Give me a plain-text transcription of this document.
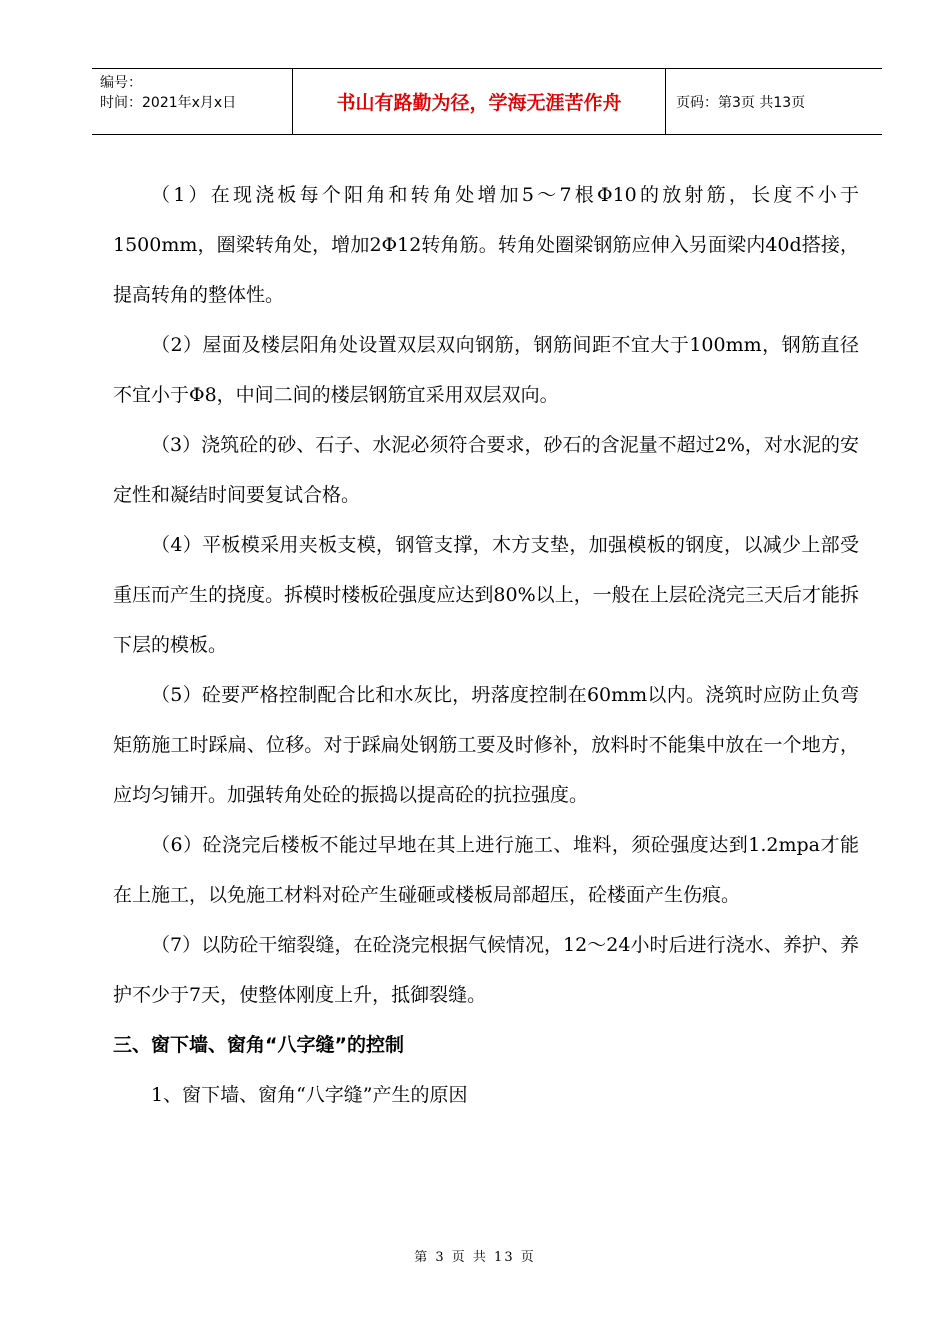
编号：
时间：2021年x月x日	书山有路勤为径，学海无涯苦作舟	页码：第3页 共13页

（1）在现浇板每个阳角和转角处增加5～7根Φ10的放射筋，长度不小于1500mm，圈梁转角处，增加2Φ12转角筋。转角处圈梁钢筋应伸入另面梁内40d搭接，提高转角的整体性。

（2）屋面及楼层阳角处设置双层双向钢筋，钢筋间距不宜大于100mm，钢筋直径不宜小于Φ8，中间二间的楼层钢筋宜采用双层双向。

（3）浇筑砼的砂、石子、水泥必须符合要求，砂石的含泥量不超过2%，对水泥的安定性和凝结时间要复试合格。

（4）平板模采用夹板支模，钢管支撑，木方支垫，加强模板的钢度，以减少上部受重压而产生的挠度。拆模时楼板砼强度应达到80%以上，一般在上层砼浇完三天后才能拆下层的模板。

（5）砼要严格控制配合比和水灰比，坍落度控制在60mm以内。浇筑时应防止负弯矩筋施工时踩扁、位移。对于踩扁处钢筋工要及时修补，放料时不能集中放在一个地方，应均匀铺开。加强转角处砼的振捣以提高砼的抗拉强度。

（6）砼浇完后楼板不能过早地在其上进行施工、堆料，须砼强度达到1.2mpa才能在上施工，以免施工材料对砼产生碰砸或楼板局部超压，砼楼面产生伤痕。

（7）以防砼干缩裂缝，在砼浇完根据气候情况，12～24小时后进行浇水、养护、养护不少于7天，使整体刚度上升，抵御裂缝。

三、窗下墙、窗角“八字缝”的控制

1、窗下墙、窗角“八字缝”产生的原因

第 3 页 共 13 页
